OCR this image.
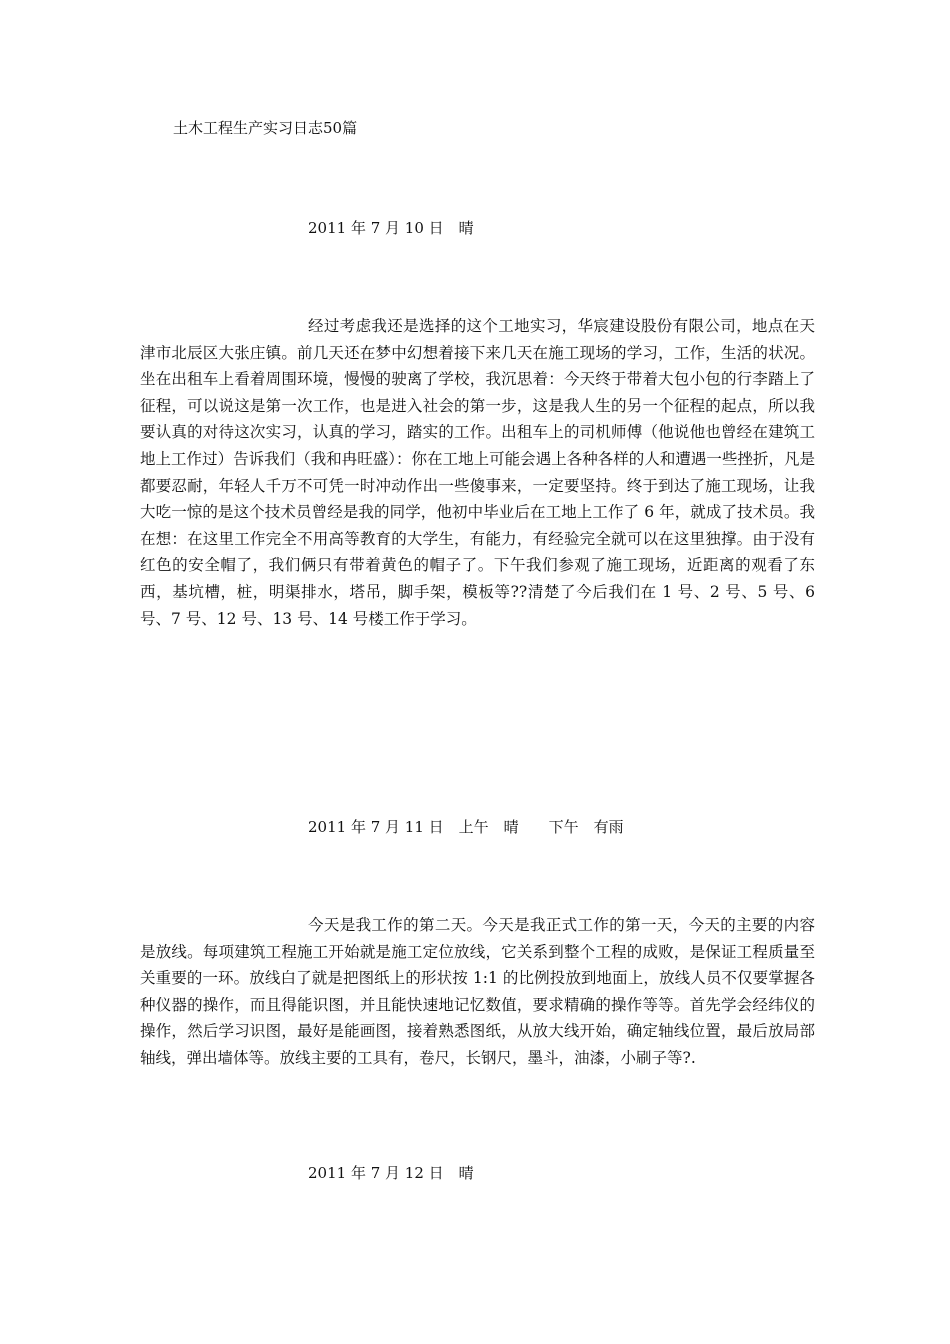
土木工程生产实习日志50篇
2011 年 7 月 10 日　晴

经过考虑我还是选择的这个工地实习，华宸建设股份有限公司，地点在天津市北辰区大张庄镇。前几天还在梦中幻想着接下来几天在施工现场的学习，工作，生活的状况。坐在出租车上看着周围环境，慢慢的驶离了学校，我沉思着：今天终于带着大包小包的行李踏上了征程，可以说这是第一次工作，也是进入社会的第一步，这是我人生的另一个征程的起点，所以我要认真的对待这次实习，认真的学习，踏实的工作。出租车上的司机师傅（他说他也曾经在建筑工地上工作过）告诉我们（我和冉旺盛）：你在工地上可能会遇上各种各样的人和遭遇一些挫折，凡是都要忍耐，年轻人千万不可凭一时冲动作出一些傻事来，一定要坚持。终于到达了施工现场，让我大吃一惊的是这个技术员曾经是我的同学，他初中毕业后在工地上工作了 6 年，就成了技术员。我在想：在这里工作完全不用高等教育的大学生，有能力，有经验完全就可以在这里独撑。由于没有红色的安全帽了，我们俩只有带着黄色的帽子了。下午我们参观了施工现场，近距离的观看了东西，基坑槽，桩，明渠排水，塔吊，脚手架，模板等??清楚了今后我们在 1 号、2 号、5 号、6 号、7 号、12 号、13 号、14 号楼工作于学习。

2011 年 7 月 11 日　上午　晴　　下午　有雨

今天是我工作的第二天。今天是我正式工作的第一天，今天的主要的内容是放线。每项建筑工程施工开始就是施工定位放线，它关系到整个工程的成败，是保证工程质量至关重要的一环。放线白了就是把图纸上的形状按 1:1 的比例投放到地面上，放线人员不仅要掌握各种仪器的操作，而且得能识图，并且能快速地记忆数值，要求精确的操作等等。首先学会经纬仪的操作，然后学习识图，最好是能画图，接着熟悉图纸，从放大线开始，确定轴线位置，最后放局部轴线，弹出墙体等。放线主要的工具有，卷尺，长钢尺，墨斗，油漆，小刷子等?.

2011 年 7 月 12 日　晴
